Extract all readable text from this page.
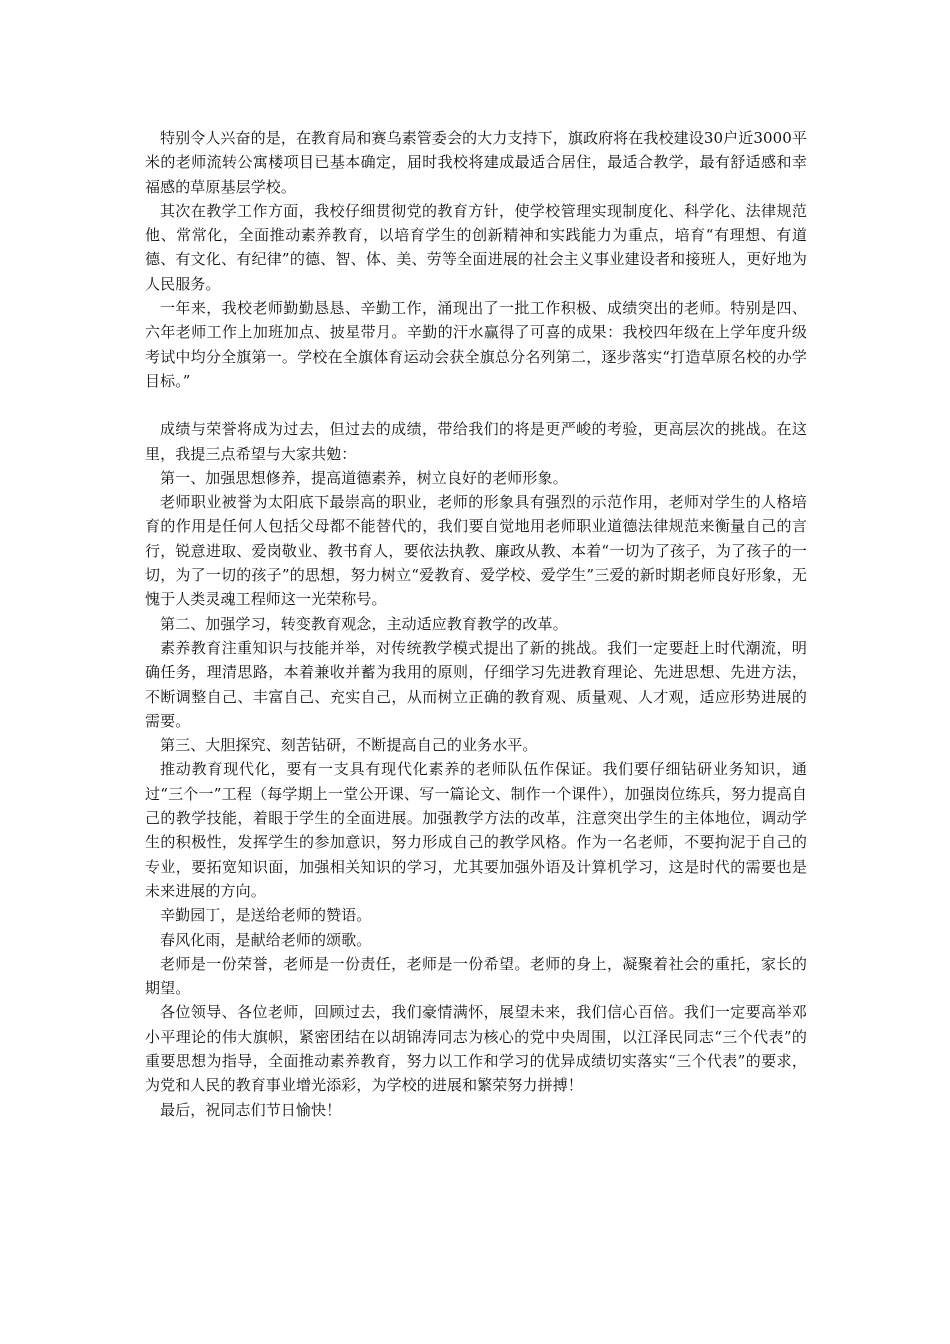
特别令人兴奋的是，在教育局和赛乌素管委会的大力支持下，旗政府将在我校建设30户近3000平米的老师流转公寓楼项目已基本确定，届时我校将建成最适合居住，最适合教学，最有舒适感和幸福感的草原基层学校。

其次在教学工作方面，我校仔细贯彻党的教育方针，使学校管理实现制度化、科学化、法律规范他、常常化，全面推动素养教育，以培育学生的创新精神和实践能力为重点，培育“有理想、有道德、有文化、有纪律”的德、智、体、美、劳等全面进展的社会主义事业建设者和接班人，更好地为人民服务。

一年来，我校老师勤勤恳恳、辛勤工作，涌现出了一批工作积极、成绩突出的老师。特别是四、六年老师工作上加班加点、披星带月。辛勤的汗水赢得了可喜的成果：我校四年级在上学年度升级考试中均分全旗第一。学校在全旗体育运动会获全旗总分名列第二，逐步落实“打造草原名校的办学目标。”

成绩与荣誉将成为过去，但过去的成绩，带给我们的将是更严峻的考验，更高层次的挑战。在这里，我提三点希望与大家共勉：

第一、加强思想修养，提高道德素养，树立良好的老师形象。

老师职业被誉为太阳底下最崇高的职业，老师的形象具有强烈的示范作用，老师对学生的人格培育的作用是任何人包括父母都不能替代的，我们要自觉地用老师职业道德法律规范来衡量自己的言行，锐意进取、爱岗敬业、教书育人，要依法执教、廉政从教、本着“一切为了孩子，为了孩子的一切，为了一切的孩子”的思想，努力树立“爱教育、爱学校、爱学生”三爱的新时期老师良好形象，无愧于人类灵魂工程师这一光荣称号。

第二、加强学习，转变教育观念，主动适应教育教学的改革。

素养教育注重知识与技能并举，对传统教学模式提出了新的挑战。我们一定要赶上时代潮流，明确任务，理清思路，本着兼收并蓄为我用的原则，仔细学习先进教育理论、先进思想、先进方法，不断调整自己、丰富自己、充实自己，从而树立正确的教育观、质量观、人才观，适应形势进展的需要。

第三、大胆探究、刻苦钻研，不断提高自己的业务水平。

推动教育现代化，要有一支具有现代化素养的老师队伍作保证。我们要仔细钻研业务知识，通过“三个一”工程（每学期上一堂公开课、写一篇论文、制作一个课件），加强岗位练兵，努力提高自己的教学技能，着眼于学生的全面进展。加强教学方法的改革，注意突出学生的主体地位，调动学生的积极性，发挥学生的参加意识，努力形成自己的教学风格。作为一名老师，不要拘泥于自己的专业，要拓宽知识面，加强相关知识的学习，尤其要加强外语及计算机学习，这是时代的需要也是未来进展的方向。

辛勤园丁，是送给老师的赞语。

春风化雨，是献给老师的颂歌。

老师是一份荣誉，老师是一份责任，老师是一份希望。老师的身上，凝聚着社会的重托，家长的期望。

各位领导、各位老师，回顾过去，我们豪情满怀，展望未来，我们信心百倍。我们一定要高举邓小平理论的伟大旗帜，紧密团结在以胡锦涛同志为核心的党中央周围，以江泽民同志“三个代表”的重要思想为指导，全面推动素养教育，努力以工作和学习的优异成绩切实落实“三个代表”的要求，为党和人民的教育事业增光添彩，为学校的进展和繁荣努力拼搏！

最后，祝同志们节日愉快！
